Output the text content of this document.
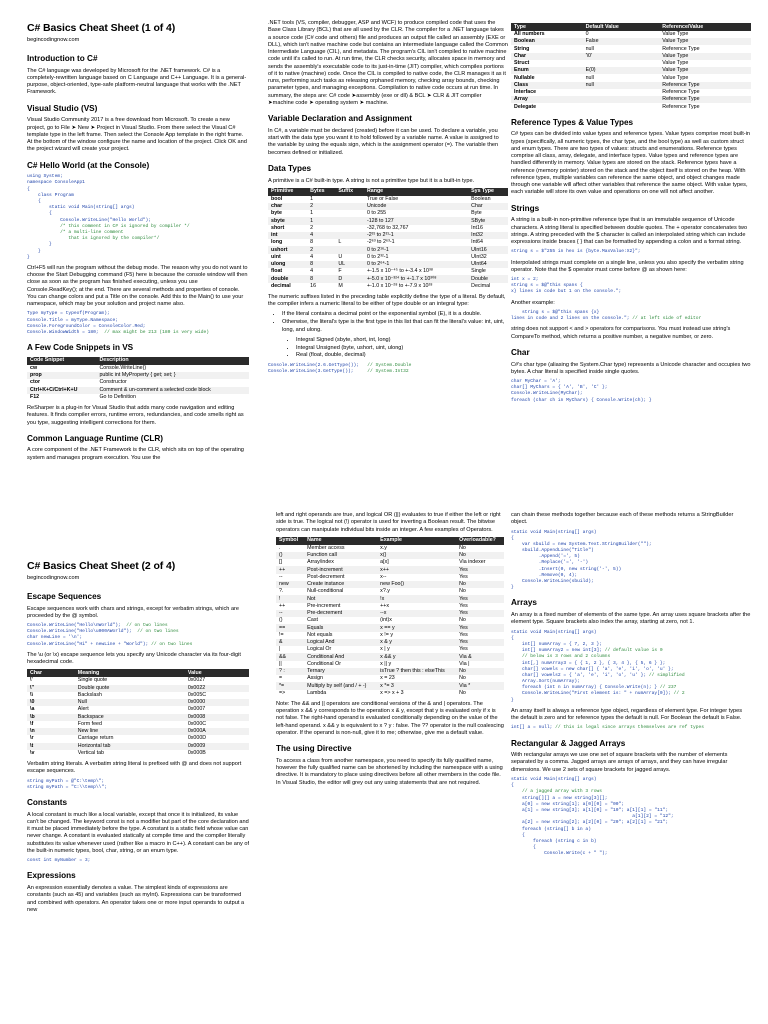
C# Basics Cheat Sheet (1 of 4)
begincodingnow.com
Introduction to C#

The C# language was developed by Microsoft for the .NET framework. C# is a completely-rewritten language based on C Language and C++ Language. It is a general-purpose, object-oriented, type-safe platform-neutral language that works with the .NET Framework.

Visual Studio (VS)

Visual Studio Community 2017 is a free download from Microsoft. To create a new project, go to File ➤ New ➤ Project in Visual Studio. From there select the Visual C# template type in the left frame. Then select the Console App template in the right frame. At the bottom of the window configure the name and location of the project. Click OK and the project wizard will create your project.

C# Hello World (at the Console)
using System;
namespace ConsoleApp1
{
class Program
{
static void Main(string[] args)
{
Console.WriteLine("Hello World");
/* this comment in C# is ignored by compiler */
/* a multi-line comment
that is ignored by the compiler*/
}
}
}

Ctrl+F5 will run the program without the debug mode. The reason why you do not want to choose the Start Debugging command (F5) here is because the console window will then close as soon as the program has finished executing, unless you use Console.ReadKey(); at the end. There are several methods and properties of console. You can change colors and put a Title on the console. Add this to the Main() to use your namespace, which may be your solution and project name also.

Type myType = typeof(Program);
Console.Title = myType.Namespace;
Console.ForegroundColor = ConsoleColor.Red;
Console.WindowWidth = 180;  // max might be 213 (180 is very wide)
A Few Code Snippets in VS
Code Snippet	Description
cw	Console.WriteLine()
prop	public int MyProperty { get; set; }
ctor	Constructor
Ctrl+K+C/Ctrl+K+U	Comment & un-comment a selected code block
F12	Go to Definition

ReSharper is a plug-in for Visual Studio that adds many code navigation and editing features. It finds compiler errors, runtime errors, redundancies, and code smells right as you type, suggesting intelligent corrections for them.

Common Language Runtime (CLR)

A core component of the .NET Framework is the CLR, which sits on top of the operating system and manages program execution. You use the

.NET tools (VS, compiler, debugger, ASP and WCF) to produce compiled code that uses the Base Class Library (BCL) that are all used by the CLR. The compiler for a .NET language takes a source code (C# code and others) file and produces an output file called an assembly (EXE or DLL), which isn't native machine code but contains an intermediate language called the Common Intermediate Language (CIL), and metadata. The program's CIL isn't compiled to native machine code until it's called to run. At run time, the CLR checks security, allocates space in memory and sends the assembly's executable code to its just-in-time (JIT) compiler, which compiles portions of it to native (machine) code. Once the CIL is compiled to native code, the CLR manages it as it runs, performing such tasks as releasing orphaned memory, checking array bounds, checking parameter types, and managing exceptions. Compilation to native code occurs at run time. In summary, the steps are: C# code ➤assembly (exe or dll) & BCL ➤ CLR & JIT compiler ➤machine code ➤ operating system ➤ machine.

Variable Declaration and Assignment

In C#, a variable must be declared (created) before it can be used. To declare a variable, you start with the data type you want it to hold followed by a variable name. A value is assigned to the variable by using the equals sign, which is the assignment operator (=). The variable then becomes defined or initialized.

Data Types

A primitive is a C# built-in type. A string is not a primitive type but it is a built-in type.

Primitive	Bytes	Suffix	Range	Sys Type
bool	1		True or False	Boolean
char	2		Unicode	Char
byte	1		0 to 255	Byte
sbyte	1		-128 to 127	SByte
short	2		-32,768 to 32,767	Int16
int	4		-2³¹ to 2³¹-1	Int32
long	8	L	-2⁶³ to 2⁶³-1	Int64
ushort	2		0 to 2¹⁶-1	UInt16
uint	4	U	0 to 2³²-1	UInt32
ulong	8	UL	0 to 2⁶⁴-1	UInt64
float	4	F	+-1.5 x 10⁻⁴⁵ to +-3.4 x 10³⁸	Single
double	8	D	+-5.0 x 10⁻³²⁴ to +-1.7 x 10³⁰⁸	Double
decimal	16	M	+-1.0 x 10⁻²⁸ to +-7.9 x 10²⁸	Decimal

The numeric suffixes listed in the preceding table explicitly define the type of a literal. By default, the compiler infers a numeric literal to be either of type double or an integral type:

• If the literal contains a decimal point or the exponential symbol (E), it is a double.
• Otherwise, the literal's type is the first type in this list that can fit the literal's value: int, uint, long, and ulong.
• Integral Signed (sbyte, short, int, long)
• Integral Unsigned (byte, ushort, uint, ulong)
• Real (float, double, decimal)
Console.WriteLine(2.6.GetType());   // System.Double
Console.WriteLine(3.GetType());     // System.Int32
Type	Default Value	Reference/Value
All numbers	0	Value Type
Boolean	False	Value Type
String	null	Reference Type
Char	'\0'	Value Type
Struct		Value Type
Enum	E(0)	Value Type
Nullable	null	Value Type
Class	null	Reference Type
Interface		Reference Type
Array		Reference Type
Delegate		Reference Type
Reference Types & Value Types

C# types can be divided into value types and reference types. Value types comprise most built-in types (specifically, all numeric types, the char type, and the bool type) as well as custom struct and enum types. There are two types of values: structs and enumerations. Reference types comprise all class, array, delegate, and interface types. Value types and reference types are handled differently in memory. Value types are stored on the stack. Reference types have a reference (memory pointer) stored on the stack and the object itself is stored on the heap. With reference types, multiple variables can reference the same object, and object changes made through one variable will affect other variables that reference the same object. With value types, each variable will store its own value and operations on one will not affect another.

Strings

A string is a built-in non-primitive reference type that is an immutable sequence of Unicode characters. A string literal is specified between double quotes. The + operator concatenates two strings. A string preceded with the $ character is called an interpolated string which can include expressions inside braces { } that can be formatted by appending a colon and a format string.

string s = $"255 in hex is {byte.MaxValue:X2}";

Interpolated strings must complete on a single line, unless you also specify the verbatim string operator. Note that the $ operator must come before @ as shown here:

int x = 2;
string s = $@"this spans {
x} lines in code but 1 on the console.";

Another example:

string s = $@"this spans {x}
lines in code and 2 lines on the console."; // at left side of editor

string does not support < and > operators for comparisons. You must instead use string's CompareTo method, which returns a positive number, a negative number, or zero.

Char

C#'s char type (aliasing the System.Char type) represents a Unicode character and occupies two bytes. A char literal is specified inside single quotes.

char MyChar = 'A';
char[] MyChars = { 'A', 'B', 'C' };
Console.WriteLine(MyChar);
foreach (char ch in MyChars) { Console.Write(ch); }
C# Basics Cheat Sheet (2 of 4)
begincodingnow.com
Escape Sequences

Escape sequences work with chars and strings, except for verbatim strings, which are proceeded by the @ symbol.

Console.WriteLine("Hello\nWorld");  // on two lines
Console.WriteLine("Hello\u000AWorld");  // on two lines
char newLine = '\n';
Console.WriteLine("Hi" + newLine + "World"); // on two lines

The \u (or \x) escape sequence lets you specify any Unicode character via its four-digit hexadecimal code.

Char	Meaning	Value
\'	Single quote	0x0027
\"	Double quote	0x0022
\\	Backslash	0x005C
\0	Null	0x0000
\a	Alert	0x0007
\b	Backspace	0x0008
\f	Form feed	0x000C
\n	New line	0x000A
\r	Carriage return	0x000D
\t	Horizontal tab	0x0009
\v	Vertical tab	0x000B

Verbatim string literals. A verbatim string literal is prefixed with @ and does not support escape sequences.

string myPath = @"C:\temp\";
string myPath = "C:\\temp\\";
Constants

A local constant is much like a local variable, except that once it is initialized, its value can't be changed. The keyword const is not a modifier but part of the core declaration and it must be placed immediately before the type. A constant is a static field whose value can never change. A constant is evaluated statically at compile time and the compiler literally substitutes its value whenever used (rather like a macro in C++). A constant can be any of the built-in numeric types, bool, char, string, or an enum type.

const int myNumber = 3;
Expressions

An expression essentially denotes a value. The simplest kinds of expressions are constants (such as 45) and variables (such as myInt). Expressions can be transformed and combined with operators. An operator takes one or more input operands to output a new

left and right operands are true, and logical OR (||) evaluates to true if either the left or right side is true. The logical not (!) operator is used for inverting a Boolean result. The bitwise operators can manipulate individual bits inside an integer. A few examples of Operators.

Symbol	Name	Example	Overloadable?
.	Member access	x.y	No
()	Function call	x()	No
[]	Array/index	a[x]	Via indexer
++	Post-increment	x++	Yes
--	Post-decrement	x--	Yes
new	Create instance	new Foo()	No
?.	Null-conditional	x?.y	No
!	Not	!x	Yes
++	Pre-increment	++x	Yes
--	Pre-decrement	--x	Yes
()	Cast	(int)x	No
==	Equals	x == y	Yes
!=	Not equals	x != y	Yes
&	Logical And	x & y	Yes
|	Logical Or	x | y	Yes
&&	Conditional And	x && y	Via &
||	Conditional Or	x || y	Via |
? :	Ternary	isTrue ? then this : elseThis	No
=	Assign	x = 23	No
*=	Multiply by self (and / + -)	x *= 3	Via *
=>	Lambda	x => x + 3	No

Note: The && and || operators are conditional versions of the & and | operators. The operation x && y corresponds to the operation x & y, except that y is evaluated only if x is not false. The right-hand operand is evaluated conditionally depending on the value of the left-hand operand. x && y is equivalent to x ? y : false. The ?? operator is the null coalescing operator. If the operand is non-null, give it to me; otherwise, give me a default value.

The using Directive

To access a class from another namespace, you need to specify its fully qualified name, however the fully qualified name can be shortened by including the namespace with a using directive. It is mandatory to place using directives before all other members in the code file. In Visual Studio, the editor will grey out any using statements that are not required.

can chain these methods together because each of these methods returns a StringBuilder object.

static void Main(string[] args)
{
var sbuild = new System.Text.StringBuilder("");
sbuild.AppendLine("Title")
.Append('=', 5)
.Replace('=', '-')
.Insert(0, new string('-', 5))
.Remove(0, 4);
Console.WriteLine(sbuild);
}
Arrays

An array is a fixed number of elements of the same type. An array uses square brackets after the element type. Square brackets also index the array, starting at zero, not 1.

static void Main(string[] args)
{
int[] numArray = { 7, 2, 3 };
int[] numArray2 = new int[3]; // default value is 0
// below is 3 rows and 2 columns
int[,] numArray3 = { { 1, 2 }, { 3, 4 }, { 5, 6 } };
char[] vowels = new char[] { 'a', 'e', 'i', 'o', 'u' };
char[] vowels2 = { 'a', 'e', 'i', 'o', 'u' }; // simplified
Array.Sort(numArray);
foreach (int n in numArray) { Console.Write(n); } // 237
Console.WriteLine("First element is: " + numArray[0]); // 2
}

An array itself is always a reference type object, regardless of element type. For integer types the default is zero and for reference types the default is null. For Boolean the default is False.

int[] a = null; // this is legal since arrays themselves are ref types
Rectangular & Jagged Arrays

With rectangular arrays we use one set of square brackets with the number of elements separated by a comma. Jagged arrays are arrays of arrays, and they can have irregular dimensions. We use 2 sets of square brackets for jagged arrays.

static void Main(string[] args)
{
// a jagged array with 3 rows
string[][] a = new string[3][];
a[0] = new string[1]; a[0][0] = "00";
a[1] = new string[3]; a[1][0] = "10"; a[1][1] = "11";
a[1][2] = "12";
a[2] = new string[2]; a[2][0] = "20"; a[2][1] = "21";
foreach (string[] b in a)
{
foreach (string c in b)
{
Console.Write(c + " ");
